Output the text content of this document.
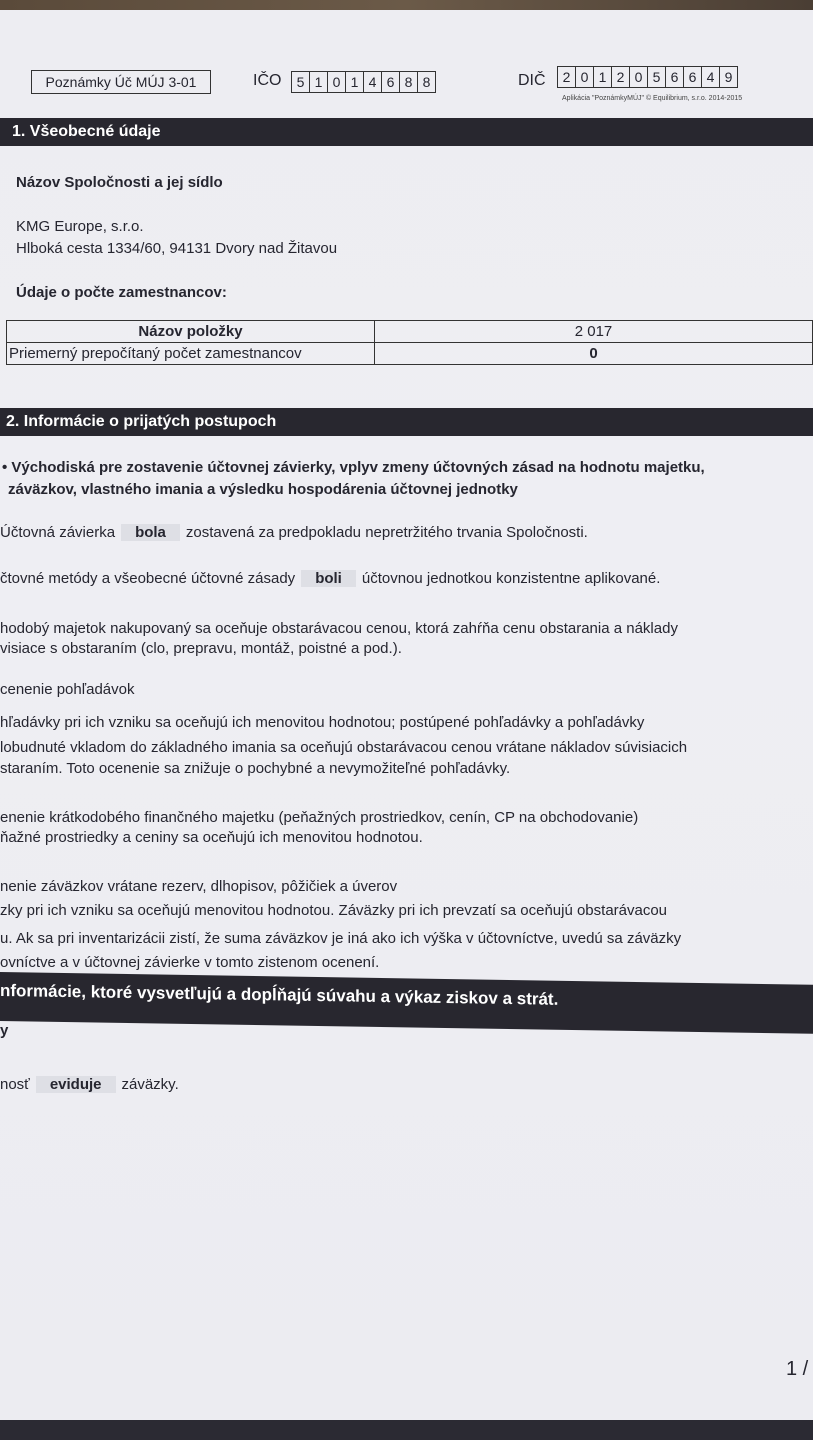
Poznámky Úč MÚJ 3-01	IČO	5 1 0 1 4 6 8 8	DIČ	2 0 1 2 0 5 6 6 4 9
Aplikácia "PoznámkyMÚJ" © Equilibrium, s.r.o. 2014-2015
1. Všeobecné údaje
Názov Spoločnosti a jej sídlo
KMG Europe, s.r.o.
Hlboká cesta 1334/60, 94131 Dvory nad Žitavou
Údaje o počte zamestnancov:
Názov položky	2 017
Priemerný prepočítaný počet zamestnancov	0
2. Informácie o prijatých postupoch
• Východiská pre zostavenie účtovnej závierky, vplyv zmeny účtovných zásad na hodnotu majetku,
záväzkov, vlastného imania a výsledku hospodárenia účtovnej jednotky
Účtovná závierka bola zostavená za predpokladu nepretržitého trvania Spoločnosti.
čtovné metódy a všeobecné účtovné zásady boli účtovnou jednotkou konzistentne aplikované.
hodobý majetok nakupovaný sa oceňuje obstarávacou cenou, ktorá zahŕňa cenu obstarania a náklady
visiace s obstaraním (clo, prepravu, montáž, poistné a pod.).
cenenie pohľadávok
hľadávky pri ich vzniku sa oceňujú ich menovitou hodnotou; postúpené pohľadávky a pohľadávky
lobudnuté vkladom do základného imania sa oceňujú obstarávacou cenou vrátane nákladov súvisiacich
staraním. Toto ocenenie sa znižuje o pochybné a nevymožiteľné pohľadávky.
enenie krátkodobého finančného majetku (peňažných prostriedkov, cenín, CP na obchodovanie)
ňažné prostriedky a ceniny sa oceňujú ich menovitou hodnotou.
nenie záväzkov vrátane rezerv, dlhopisov, pôžičiek a úverov
zky pri ich vzniku sa oceňujú menovitou hodnotou. Záväzky pri ich prevzatí sa oceňujú obstarávacou
u. Ak sa pri inventarizácii zistí, že suma záväzkov je iná ako ich výška v účtovníctve, uvedú sa záväzky
ovníctve a v účtovnej závierke v tomto zistenom ocenení.
nformácie, ktoré vysvetľujú a dopĺňajú súvahu a výkaz ziskov a strát.
y
nosť eviduje záväzky.
1 /
